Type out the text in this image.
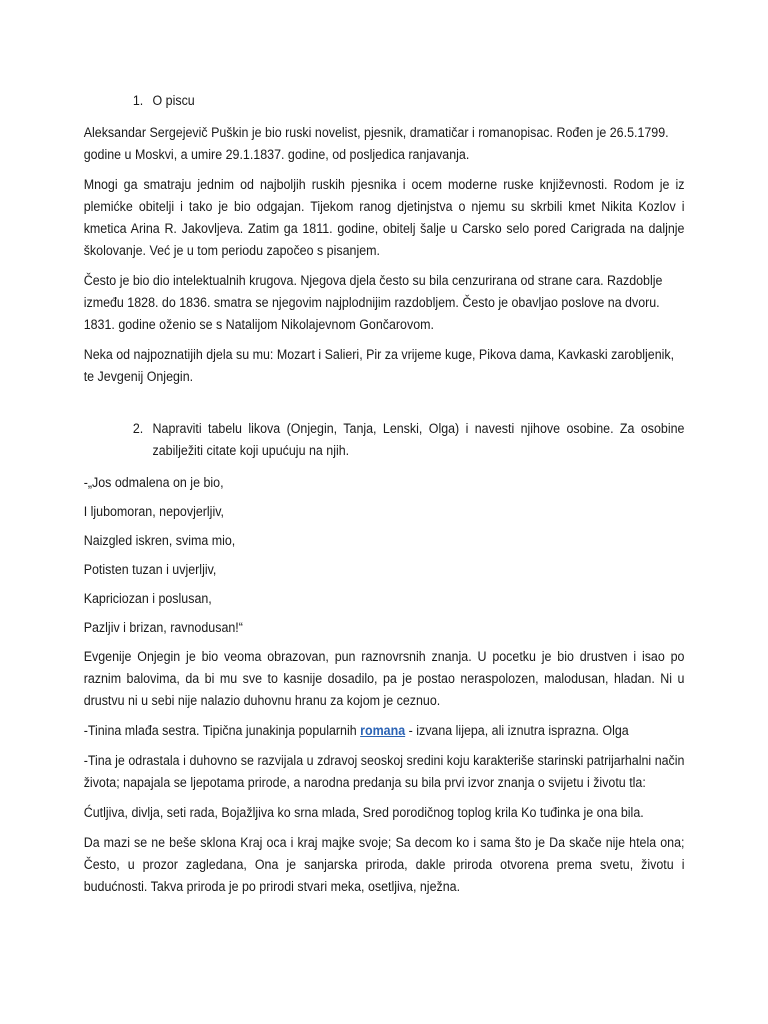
1. O piscu

Aleksandar Sergejevič Puškin je bio ruski novelist, pjesnik, dramatičar i romanopisac. Rođen je 26.5.1799. godine u Moskvi, a umire 29.1.1837. godine, od posljedica ranjavanja.

Mnogi ga smatraju jednim od najboljih ruskih pjesnika i ocem moderne ruske književnosti. Rodom je iz plemićke obitelji i tako je bio odgajan. Tijekom ranog djetinjstva o njemu su skrbili kmet Nikita Kozlov i kmetica Arina R. Jakovljeva. Zatim ga 1811. godine, obitelj šalje u Carsko selo pored Carigrada na daljnje školovanje. Već je u tom periodu započeo s pisanjem.

Često je bio dio intelektualnih krugova. Njegova djela često su bila cenzurirana od strane cara. Razdoblje između 1828. do 1836. smatra se njegovim najplodnijim razdobljem. Često je obavljao poslove na dvoru. 1831. godine oženio se s Natalijom Nikolajevnom Gončarovom.

Neka od najpoznatijih djela su mu: Mozart i Salieri, Pir za vrijeme kuge, Pikova dama, Kavkaski zarobljenik, te Jevgenij Onjegin.

2. Napraviti tabelu likova (Onjegin, Tanja, Lenski, Olga) i navesti njihove osobine. Za osobine zabilježiti citate koji upućuju na njih.

-„Jos odmalena on je bio,

I ljubomoran, nepovjerljiv,

Naizgled iskren, svima mio,

Potisten tuzan i uvjerljiv,

Kapriciozan i poslusan,

Pazljiv i brizan, ravnodusan!“

Evgenije Onjegin je bio veoma obrazovan, pun raznovrsnih znanja. U pocetku je bio drustven i isao po raznim balovima, da bi mu sve to kasnije dosadilo, pa je postao neraspolozen, malodusan, hladan. Ni u drustvu ni u sebi nije nalazio duhovnu hranu za kojom je ceznuo.

-Tinina mlađa sestra. Tipična junakinja popularnih romana - izvana lijepa, ali iznutra isprazna. Olga

-Tina je odrastala i duhovno se razvijala u zdravoj seoskoj sredini koju karakteriše starinski patrijarhalni način života; napajala se ljepotama prirode, a narodna predanja su bila prvi izvor znanja o svijetu i životu tla:

Ćutljiva, divlja, seti rada, Bojažljiva ko srna mlada, Sred porodičnog toplog krila Ko tuđinka je ona bila.

Da mazi se ne beše sklona Kraj oca i kraj majke svoje; Sa decom ko i sama što je Da skače nije htela ona; Često, u prozor zagledana, Ona je sanjarska priroda, dakle priroda otvorena prema svetu, životu i budućnosti. Takva priroda je po prirodi stvari meka, osetljiva, nježna.
